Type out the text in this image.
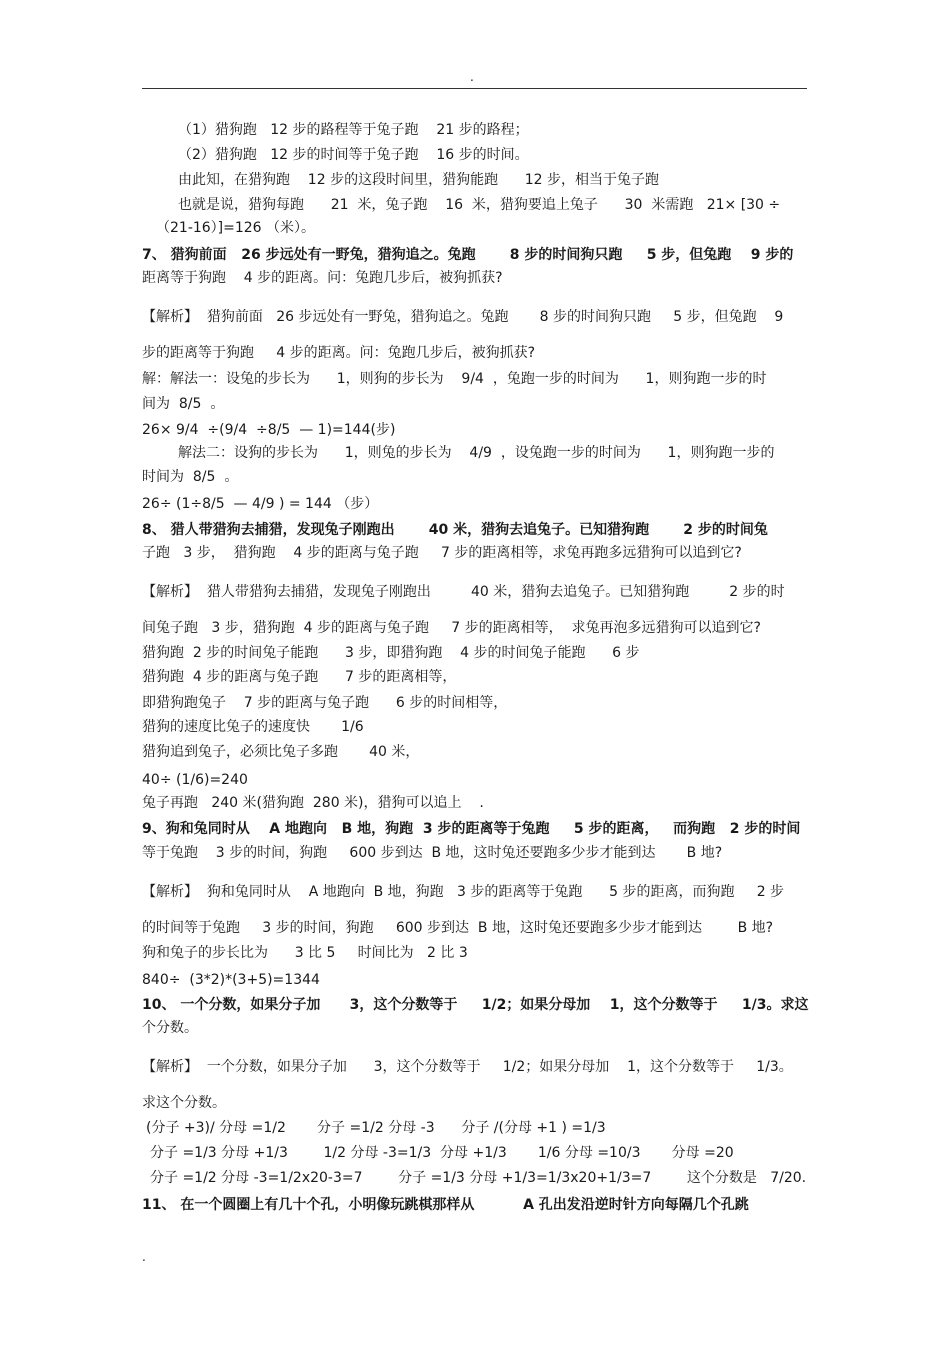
.
（1）猎狗跑   12 步的路程等于兔子跑    21 步的路程；
（2）猎狗跑   12 步的时间等于兔子跑    16 步的时间。
由此知，在猎狗跑    12 步的这段时间里，猎狗能跑      12 步，相当于兔子跑
也就是说，猎狗每跑      21  米，兔子跑    16  米，猎狗要追上兔子      30  米需跑   21× [30 ÷
（21-16）]=126 （米）。
7、 猎狗前面   26 步远处有一野兔，猎狗追之。兔跑       8 步的时间狗只跑     5 步，但兔跑    9 步的
距离等于狗跑    4 步的距离。问：兔跑几步后，被狗抓获?
【解析】  猎狗前面   26 步远处有一野兔，猎狗追之。兔跑       8 步的时间狗只跑     5 步，但兔跑    9
步的距离等于狗跑     4 步的距离。问：兔跑几步后，被狗抓获?
解：解法一：设兔的步长为      1，则狗的步长为    9/4  ，兔跑一步的时间为      1，则狗跑一步的时
间为  8/5  。
26× 9/4  ÷(9/4  ÷8/5  — 1)=144(步)
解法二：设狗的步长为      1，则兔的步长为    4/9  ，设兔跑一步的时间为      1，则狗跑一步的
时间为  8/5  。
26÷ (1÷8/5  — 4/9 ) = 144 （步）
8、 猎人带猎狗去捕猎，发现兔子刚跑出       40 米，猎狗去追兔子。已知猎狗跑       2 步的时间兔
子跑   3 步，  猎狗跑    4 步的距离与兔子跑     7 步的距离相等，求兔再跑多远猎狗可以追到它?
【解析】  猎人带猎狗去捕猎，发现兔子刚跑出         40 米，猎狗去追兔子。已知猎狗跑         2 步的时
间兔子跑   3 步，猎狗跑  4 步的距离与兔子跑     7 步的距离相等，  求兔再泡多远猎狗可以追到它?
猎狗跑  2 步的时间兔子能跑      3 步，即猎狗跑    4 步的时间兔子能跑      6 步
猎狗跑  4 步的距离与兔子跑      7 步的距离相等，
即猎狗跑兔子    7 步的距离与兔子跑      6 步的时间相等，
猎狗的速度比兔子的速度快       1/6
猎狗追到兔子，必须比兔子多跑       40 米，
40÷ (1/6)=240
兔子再跑   240 米(猎狗跑  280 米)，猎狗可以追上    .
9、狗和兔同时从    A 地跑向   B 地，狗跑  3 步的距离等于兔跑     5 步的距离，   而狗跑   2 步的时间
等于兔跑    3 步的时间，狗跑     600 步到达  B 地，这时兔还要跑多少步才能到达       B 地?
【解析】  狗和兔同时从    A 地跑向  B 地，狗跑   3 步的距离等于兔跑      5 步的距离，而狗跑     2 步
的时间等于兔跑     3 步的时间，狗跑     600 步到达  B 地，这时兔还要跑多少步才能到达        B 地?
狗和兔子的步长比为      3 比 5     时间比为   2 比 3
840÷  (3*2)*(3+5)=1344
10、 一个分数，如果分子加      3，这个分数等于     1/2；如果分母加    1，这个分数等于     1/3。求这
个分数。
【解析】  一个分数，如果分子加      3，这个分数等于     1/2；如果分母加    1，这个分数等于     1/3。
求这个分数。
(分子 +3)/ 分母 =1/2       分子 =1/2 分母 -3      分子 /(分母 +1 ) =1/3
分子 =1/3 分母 +1/3        1/2 分母 -3=1/3  分母 +1/3       1/6 分母 =10/3       分母 =20
分子 =1/2 分母 -3=1/2x20-3=7        分子 =1/3 分母 +1/3=1/3x20+1/3=7        这个分数是   7/20.
11、 在一个圆圈上有几十个孔，小明像玩跳棋那样从          A 孔出发沿逆时针方向每隔几个孔跳
.
